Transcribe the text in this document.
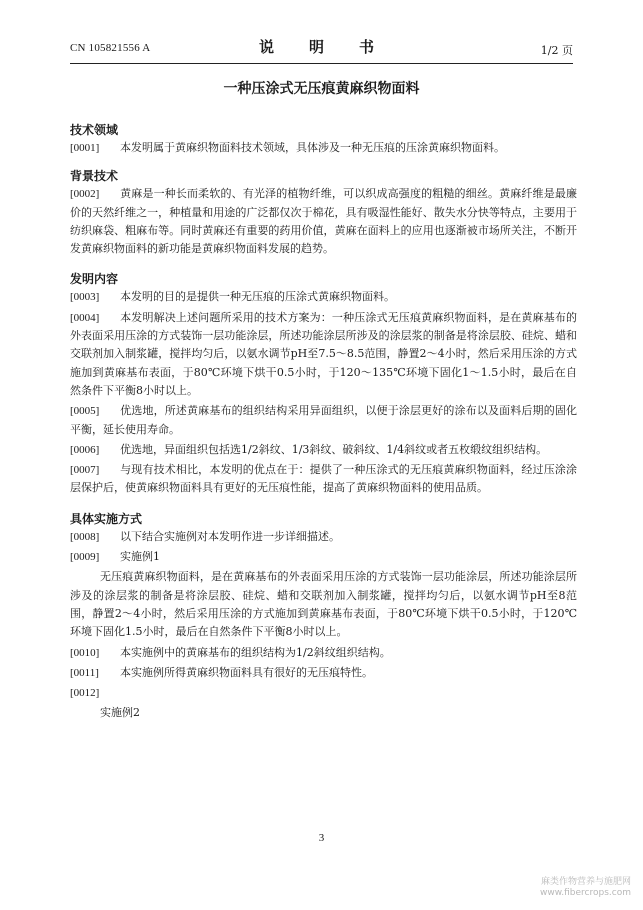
CN 105821556 A	说　明　书	1/2 页
一种压涂式无压痕黄麻织物面料

技术领域

[0001] 本发明属于黄麻织物面料技术领域，具体涉及一种无压痕的压涂黄麻织物面料。

背景技术

[0002] 黄麻是一种长而柔软的、有光泽的植物纤维，可以织成高强度的粗糙的细丝。黄麻纤维是最廉价的天然纤维之一，种植量和用途的广泛都仅次于棉花，具有吸湿性能好、散失水分快等特点，主要用于纺织麻袋、粗麻布等。同时黄麻还有重要的药用价值，黄麻在面料上的应用也逐渐被市场所关注，不断开发黄麻织物面料的新功能是黄麻织物面料发展的趋势。

发明内容

[0003] 本发明的目的是提供一种无压痕的压涂式黄麻织物面料。

[0004] 本发明解决上述问题所采用的技术方案为：一种压涂式无压痕黄麻织物面料，是在黄麻基布的外表面采用压涂的方式装饰一层功能涂层，所述功能涂层所涉及的涂层浆的制备是将涂层胶、硅烷、蜡和交联剂加入制浆罐，搅拌均匀后，以氨水调节pH至7.5～8.5范围，静置2～4小时，然后采用压涂的方式施加到黄麻基布表面，于80℃环境下烘干0.5小时，于120～135℃环境下固化1～1.5小时，最后在自然条件下平衡8小时以上。

[0005] 优选地，所述黄麻基布的组织结构采用异面组织，以便于涂层更好的涂布以及面料后期的固化平衡，延长使用寿命。

[0006] 优选地，异面组织包括选1/2斜纹、1/3斜纹、破斜纹、1/4斜纹或者五枚缎纹组织结构。

[0007] 与现有技术相比，本发明的优点在于：提供了一种压涂式的无压痕黄麻织物面料，经过压涂涂层保护后，使黄麻织物面料具有更好的无压痕性能，提高了黄麻织物面料的使用品质。

具体实施方式

[0008] 以下结合实施例对本发明作进一步详细描述。

[0009] 实施例1

无压痕黄麻织物面料，是在黄麻基布的外表面采用压涂的方式装饰一层功能涂层，所述功能涂层所涉及的涂层浆的制备是将涂层胶、硅烷、蜡和交联剂加入制浆罐，搅拌均匀后，以氨水调节pH至8范围，静置2～4小时，然后采用压涂的方式施加到黄麻基布表面，于80℃环境下烘干0.5小时，于120℃环境下固化1.5小时，最后在自然条件下平衡8小时以上。

[0010] 本实施例中的黄麻基布的组织结构为1/2斜纹组织结构。

[0011] 本实施例所得黄麻织物面料具有很好的无压痕特性。

[0012]

实施例2

3
麻类作物营养与施肥网
www.fibercrops.com
